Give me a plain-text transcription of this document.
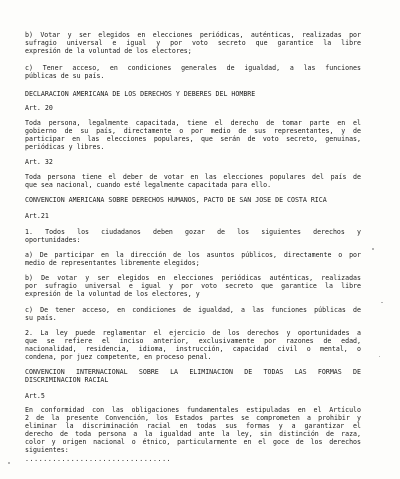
b) Votar y ser elegidos en elecciones periódicas, auténticas, realizadas por

sufragio universal e igual y por voto secreto que garantice la libre

expresión de la voluntad de los electores;

c) Tener acceso, en condiciones generales de igualdad, a las funciones

públicas de su país.

DECLARACION AMERICANA DE LOS DERECHOS Y DEBERES DEL HOMBRE

Art. 20

Toda persona, legalmente capacitada, tiene el derecho de tomar parte en el

gobierno de su país, directamente o por medio de sus representantes, y de

participar en las elecciones populares, que serán de voto secreto, genuinas,

periódicas y libres.

Art. 32

Toda persona tiene el deber de votar en las elecciones populares del país de

que sea nacional, cuando esté legalmente capacitada para ello.

CONVENCION AMERICANA SOBRE DERECHOS HUMANOS, PACTO DE SAN JOSE DE COSTA RICA

Art.21

1. Todos los ciudadanos deben gozar de los siguientes derechos y

oportunidades:

a) De participar en la dirección de los asuntos públicos, directamente o por

medio de representantes libremente elegidos;

b) De votar y ser elegidos en elecciones periódicas auténticas, realizadas

por sufragio universal e igual y por voto secreto que garantice la libre

expresión de la voluntad de los electores, y

c) De tener acceso, en condiciones de igualdad, a las funciones públicas de

su país.

2. La ley puede reglamentar el ejercicio de los derechos y oportunidades a

que se refiere el inciso anterior, exclusivamente por razones de edad,

nacionalidad, residencia, idioma, instrucción, capacidad civil o mental, o

condena, por juez competente, en proceso penal.

CONVENCION INTERNACIONAL SOBRE LA ELIMINACION DE TODAS LAS FORMAS DE

DISCRIMINACION RACIAL

Art.5

En conformidad con las obligaciones fundamentales estipuladas en el Artículo

2 de la presente Convención, los Estados partes se comprometen a prohibir y

eliminar la discriminación racial en todas sus formas y a garantizar el

derecho de toda persona a la igualdad ante la ley, sin distinción de raza,

color y origen nacional o étnico, particularmente en el goce de los derechos

siguientes:

................................
